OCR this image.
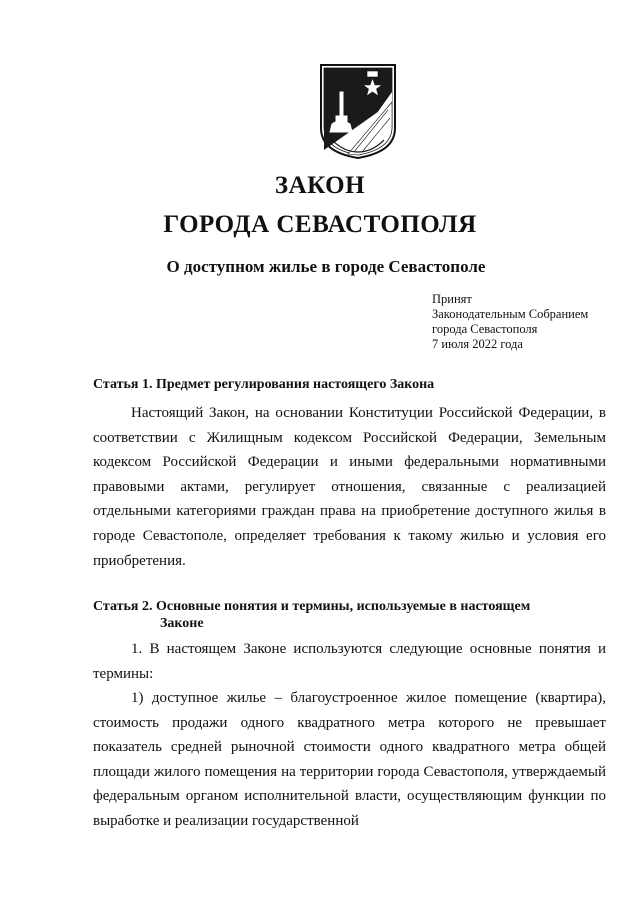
ЗАКОН
ГОРОДА СЕВАСТОПОЛЯ
О доступном жилье в городе Севастополе
Принят
Законодательным Собранием
города Севастополя
7 июля 2022 года
Статья 1. Предмет регулирования настоящего Закона

Настоящий Закон, на основании Конституции Российской Федерации, в соответствии с Жилищным кодексом Российской Федерации, Земельным кодексом Российской Федерации и иными федеральными нормативными правовыми актами, регулирует отношения, связанные с реализацией отдельными категориями граждан права на приобретение доступного жилья в городе Севастополе, определяет требования к такому жилью и условия его приобретения.

Статья 2. Основные понятия и термины, используемые в настоящем
Законе

1. В настоящем Законе используются следующие основные понятия и термины:

1) доступное жилье – благоустроенное жилое помещение (квартира), стоимость продажи одного квадратного метра которого не превышает показатель средней рыночной стоимости одного квадратного метра общей площади жилого помещения на территории города Севастополя, утверждаемый федеральным органом исполнительной власти, осуществляющим функции по выработке и реализации государственной
